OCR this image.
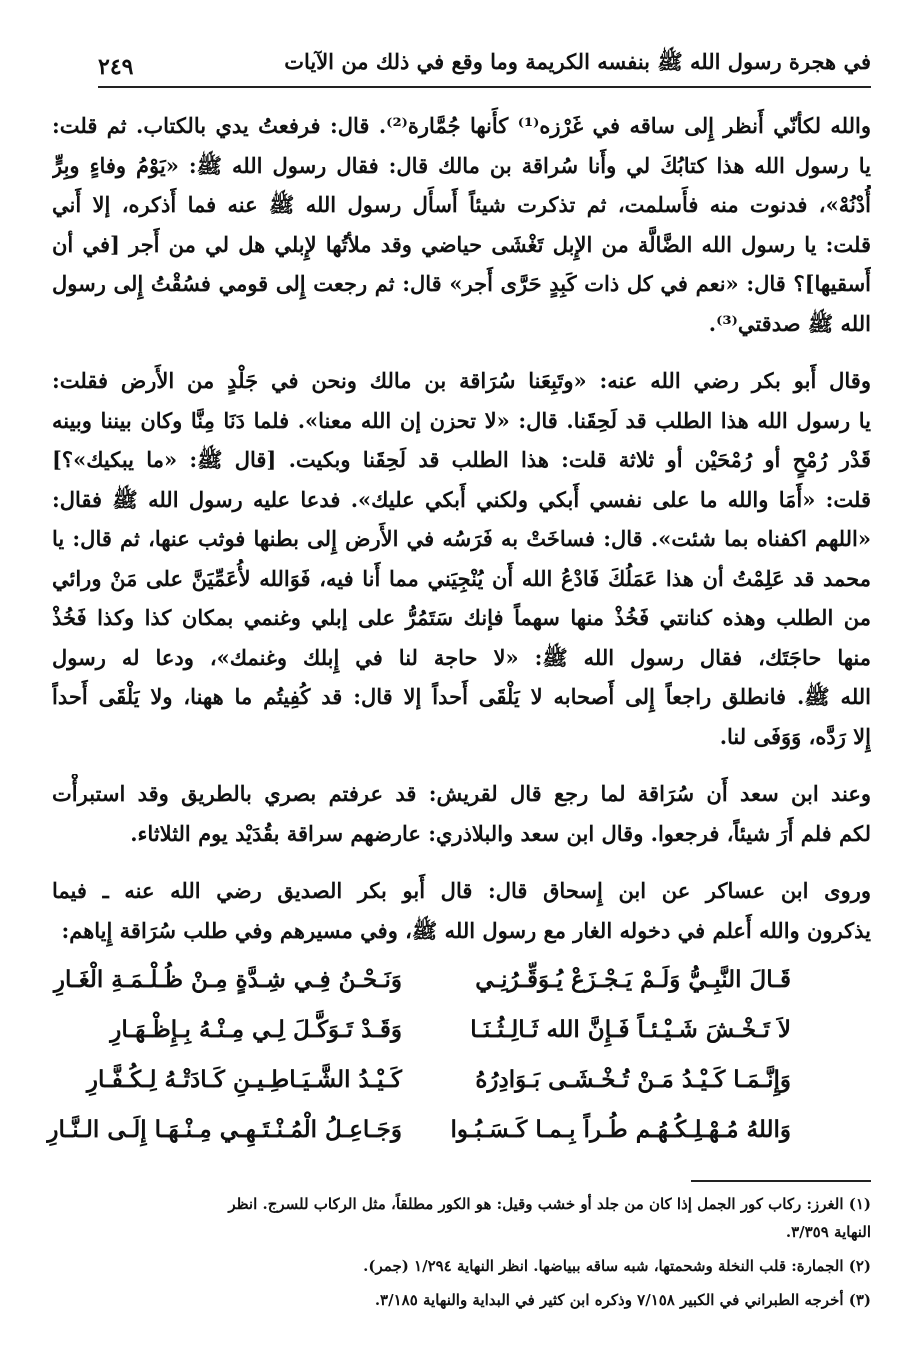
في هجرة رسول الله ﷺ بنفسه الكريمة وما وقع في ذلك من الآيات
٢٤٩
والله لكأنّي أَنظر إِلى ساقه في غَرْزه⁽¹⁾ كأَنها جُمَّارة⁽²⁾. قال: فرفعتُ يدي بالكتاب. ثم قلت:
يا رسول الله هذا كتابُكَ لي وأَنا سُراقة بن مالك قال: فقال رسول الله ﷺ: «يَوْمُ وفاءٍ وبِرٍّ
أُدْنُهْ»، فدنوت منه فأَسلمت، ثم تذكرت شيئاً أَسأَل رسول الله ﷺ عنه فما أَذكره، إلا أَني
قلت: يا رسول الله الضَّالَّة من الإِبل تَغْشَى حياضي وقد ملأتُها لإِبلي هل لي من أَجر [في أن
أَسقيها]؟ قال: «نعم في كل ذات كَبِدٍ حَرَّى أَجر» قال: ثم رجعت إِلى قومي فسُقْتُ إِلى رسول
الله ﷺ صدقتي⁽³⁾.
وقال أَبو بكر رضي الله عنه: «وتَبِعَنا سُرَاقة بن مالك ونحن في جَلْدٍ من الأَرض فقلت:
يا رسول الله هذا الطلب قد لَحِقَنا. قال: «لا تحزن إن الله معنا». فلما دَنَا مِنَّا وكان بيننا وبينه
قَدْر رُمْحٍ أو رُمْحَيْن أو ثلاثة قلت: هذا الطلب قد لَحِقَنا وبكيت. [قال ﷺ: «ما يبكيك»؟]
قلت: «أَمَا والله ما على نفسي أَبكي ولكني أَبكي عليك». فدعا عليه رسول الله ﷺ فقال:
«اللهم اكفناه بما شئت». قال: فساخَتْ به فَرَسُه في الأَرض إِلى بطنها فوثب عنها، ثم قال: يا
محمد قد عَلِمْتُ أن هذا عَمَلُكَ فَادْعُ الله أَن يُنْجِيَني مما أَنا فيه، فَوَالله لأُعَمِّيَنَّ على مَنْ ورائي
من الطلب وهذه كنانتي فَخُذْ منها سهماً فإنك سَتَمُرُّ على إبلي وغنمي بمكان كذا وكذا فَخُذْ
منها حاجَتَك، فقال رسول الله ﷺ: «لا حاجة لنا في إِبلك وغنمك»، ودعا له رسول
الله ﷺ. فانطلق راجعاً إِلى أَصحابه لا يَلْقَى أَحداً إلا قال: قد كُفِيتُم ما ههنا، ولا يَلْقَى أَحداً
إِلا رَدَّه، وَوَفَى لنا.
وعند ابن سعد أَن سُرَاقة لما رجع قال لقريش: قد عرفتم بصري بالطريق وقد استبرأْت
لكم فلم أَرَ شيئاً، فرجعوا. وقال ابن سعد والبلاذري: عارضهم سراقة بقُدَيْد يوم الثلاثاء.
وروى ابن عساكر عن ابن إِسحاق قال: قال أَبو بكر الصديق رضي الله عنه ـ فيما
يذكرون والله أَعلم في دخوله الغار مع رسول الله ﷺ، وفي مسيرهم وفي طلب سُرَاقة إِياهم:
قَـالَ النَّبِـيُّ وَلَـمْ يَـجْـزَعْ يُـوَقِّـرُنِـي
وَنَـحْـنُ فِـي شِـدَّةٍ مِـنْ ظُـلْـمَـةِ الْغَـارِ
لاَ تَـخْـشَ شَـيْـئـاً فَـإِنَّ الله ثَـالِـثُـنَـا
وَقَـدْ تَـوَكَّـلَ لِـي مِـنْـهُ بِـإِظْـهَـارِ
وَإِنَّـمَـا كَـيْـدُ مَـنْ تُـخْـشَـى بَـوَادِرُهُ
كَـيْـدُ الشَّـيَـاطِـيـنِ كَـادَتْـهُ لِـكُـفَّـارِ
وَاللهُ مُـهْـلِـكُـهُـم طُـراً بِـمـا كَـسَـبُـوا
وَجَـاعِـلُ الْمُـنْـتَـهِـي مِـنْـهَـا إِلَـى الـنَّـارِ
(١) الغرز: ركاب كور الجمل إذا كان من جلد أو خشب وقيل: هو الكور مطلقاً، مثل الركاب للسرج. انظر
النهاية ٣/٣٥٩.
(٢) الجمارة: قلب النخلة وشحمتها، شبه ساقه ببياضها. انظر النهاية ١/٢٩٤ (جمر).
(٣) أخرجه الطبراني في الكبير ٧/١٥٨ وذكره ابن كثير في البداية والنهاية ٣/١٨٥.
